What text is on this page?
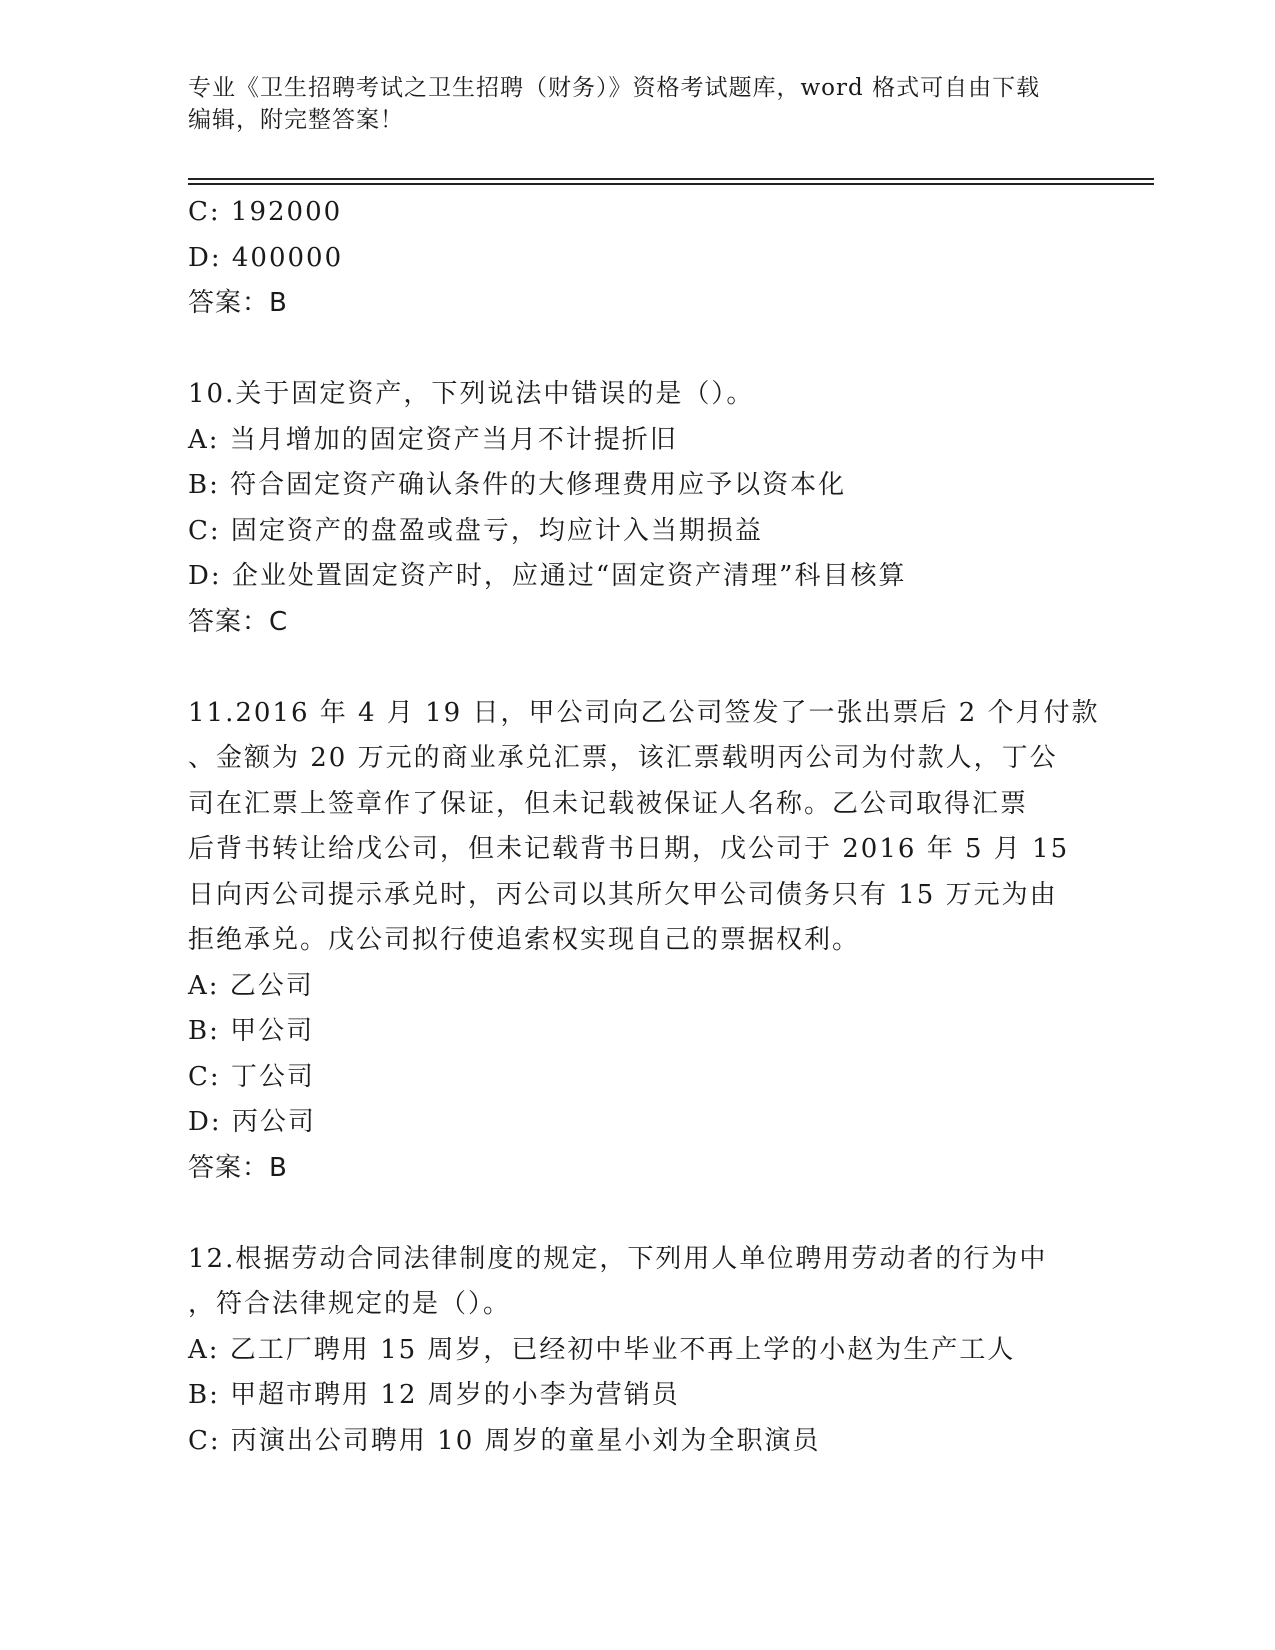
专业《卫生招聘考试之卫生招聘（财务）》资格考试题库，word 格式可自由下载
编辑，附完整答案！
C: 192000
D: 400000
答案：B
10.关于固定资产，下列说法中错误的是（）。
A: 当月增加的固定资产当月不计提折旧
B: 符合固定资产确认条件的大修理费用应予以资本化
C: 固定资产的盘盈或盘亏，均应计入当期损益
D: 企业处置固定资产时，应通过“固定资产清理”科目核算
答案：C
11.2016 年 4 月 19 日，甲公司向乙公司签发了一张出票后 2 个月付款
、金额为 20 万元的商业承兑汇票，该汇票载明丙公司为付款人，丁公
司在汇票上签章作了保证，但未记载被保证人名称。乙公司取得汇票
后背书转让给戊公司，但未记载背书日期，戊公司于 2016 年 5 月 15
日向丙公司提示承兑时，丙公司以其所欠甲公司债务只有 15 万元为由
拒绝承兑。戊公司拟行使追索权实现自己的票据权利。
A: 乙公司
B: 甲公司
C: 丁公司
D: 丙公司
答案：B
12.根据劳动合同法律制度的规定，下列用人单位聘用劳动者的行为中
，符合法律规定的是（）。
A: 乙工厂聘用 15 周岁，已经初中毕业不再上学的小赵为生产工人
B: 甲超市聘用 12 周岁的小李为营销员
C: 丙演出公司聘用 10 周岁的童星小刘为全职演员
